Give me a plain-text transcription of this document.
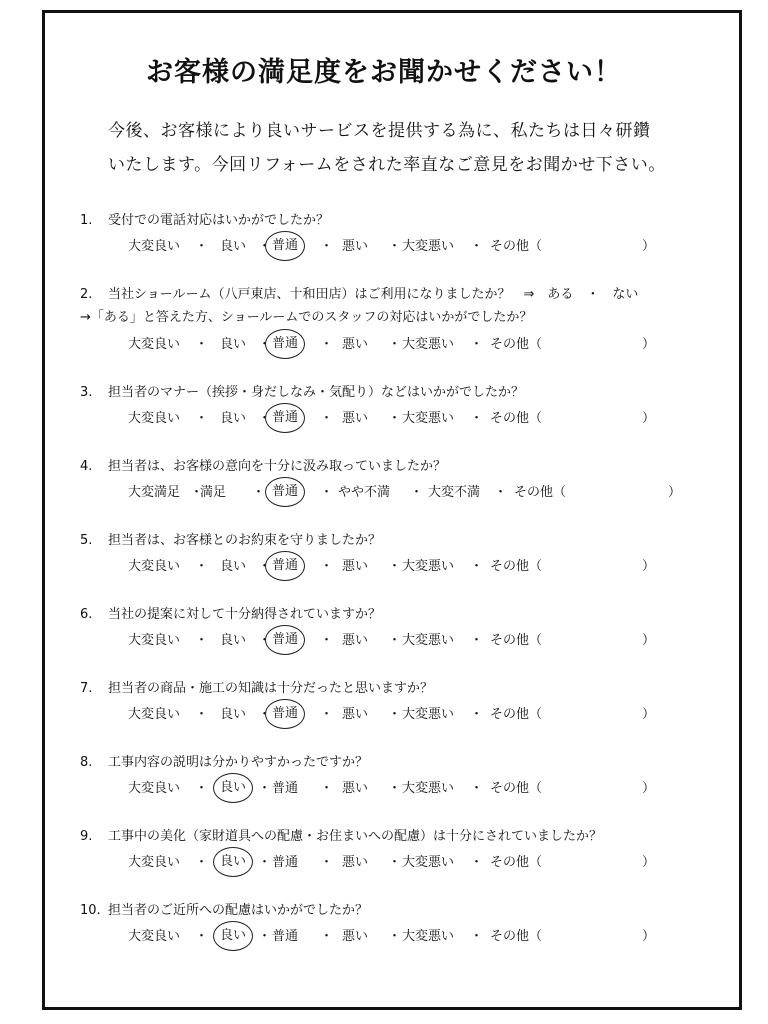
お客様の満足度をお聞かせください！
今後、お客様により良いサービスを提供する為に、私たちは日々研鑽
いたします。今回リフォームをされた率直なご意見をお聞かせ下さい。
1. 受付での電話対応はいかがでしたか？
大変良い ・ 良い ・ 普通	・ 悪い ・ 大変悪い ・ その他（	）
2. 当社ショールーム（八戸東店、十和田店）はご利用になりましたか？　⇒　ある　・　ない
→「ある」と答えた方、ショールームでのスタッフの対応はいかがでしたか？
大変良い ・ 良い ・ 普通	・ 悪い ・ 大変悪い ・ その他（	）
3. 担当者のマナー（挨拶・身だしなみ・気配り）などはいかがでしたか？
大変良い ・ 良い ・ 普通	・ 悪い ・ 大変悪い ・ その他（	）
4. 担当者は、お客様の意向を十分に汲み取っていましたか？
大変満足 ・
満足 ・ 普通	・ やや不満 ・ 大変不満 ・ その他（	）
5. 担当者は、お客様とのお約束を守りましたか？
大変良い ・ 良い ・ 普通	・ 悪い ・ 大変悪い ・ その他（	）
6. 当社の提案に対して十分納得されていますか？
大変良い ・ 良い ・ 普通	・ 悪い ・ 大変悪い ・ その他（	）
7. 担当者の商品・施工の知識は十分だったと思いますか？
大変良い ・ 良い ・ 普通	・ 悪い ・ 大変悪い ・ その他（	）
8. 工事内容の説明は分かりやすかったですか？
大変良い ・ 良い ・ 普通 ・ 悪い ・ 大変悪い ・ その他（	）
9. 工事中の美化（家財道具への配慮・お住まいへの配慮）は十分にされていましたか？
大変良い ・ 良い ・ 普通 ・ 悪い ・ 大変悪い ・ その他（	）
10. 担当者のご近所への配慮はいかがでしたか？
大変良い ・ 良い ・ 普通 ・ 悪い ・ 大変悪い ・ その他（	）
